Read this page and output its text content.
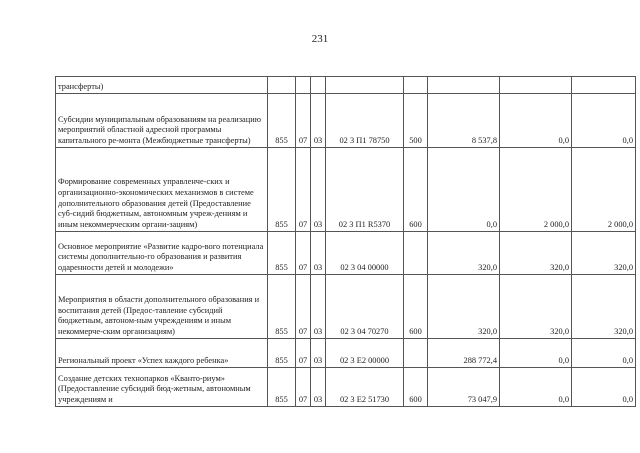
231
трансферты)								
Субсидии муниципальным образованиям на реализацию мероприятий областной адресной программы капитального ре-монта (Межбюджетные трансферты)	855	07	03	02 3 П1 78750	500	8 537,8	0,0	0,0
Формирование современных управленче-ских и организационно-экономических механизмов в системе дополнительного образования детей (Предоставление суб-сидий бюджетным, автономным учреж-дениям и иным некоммерческим органи-зациям)	855	07	03	02 3 П1 R5370	600	0,0	2 000,0	2 000,0
Основное мероприятие «Развитие кадро-вого потенциала системы дополнительно-го образования и развития одаренности детей и молодежи»	855	07	03	02 3 04 00000		320,0	320,0	320,0
Мероприятия в области дополнительного образования и воспитания детей (Предос-тавление субсидий бюджетным, автоном-ным учреждениям и иным некоммерче-ским организациям)	855	07	03	02 3 04 70270	600	320,0	320,0	320,0
Региональный проект «Успех каждого ребенка»	855	07	03	02 3 Е2 00000		288 772,4	0,0	0,0
Создание детских технопарков «Кванто-риум» (Предоставление субсидий бюд-жетным, автономным учреждениям и	855	07	03	02 3 Е2 51730	600	73 047,9	0,0	0,0
